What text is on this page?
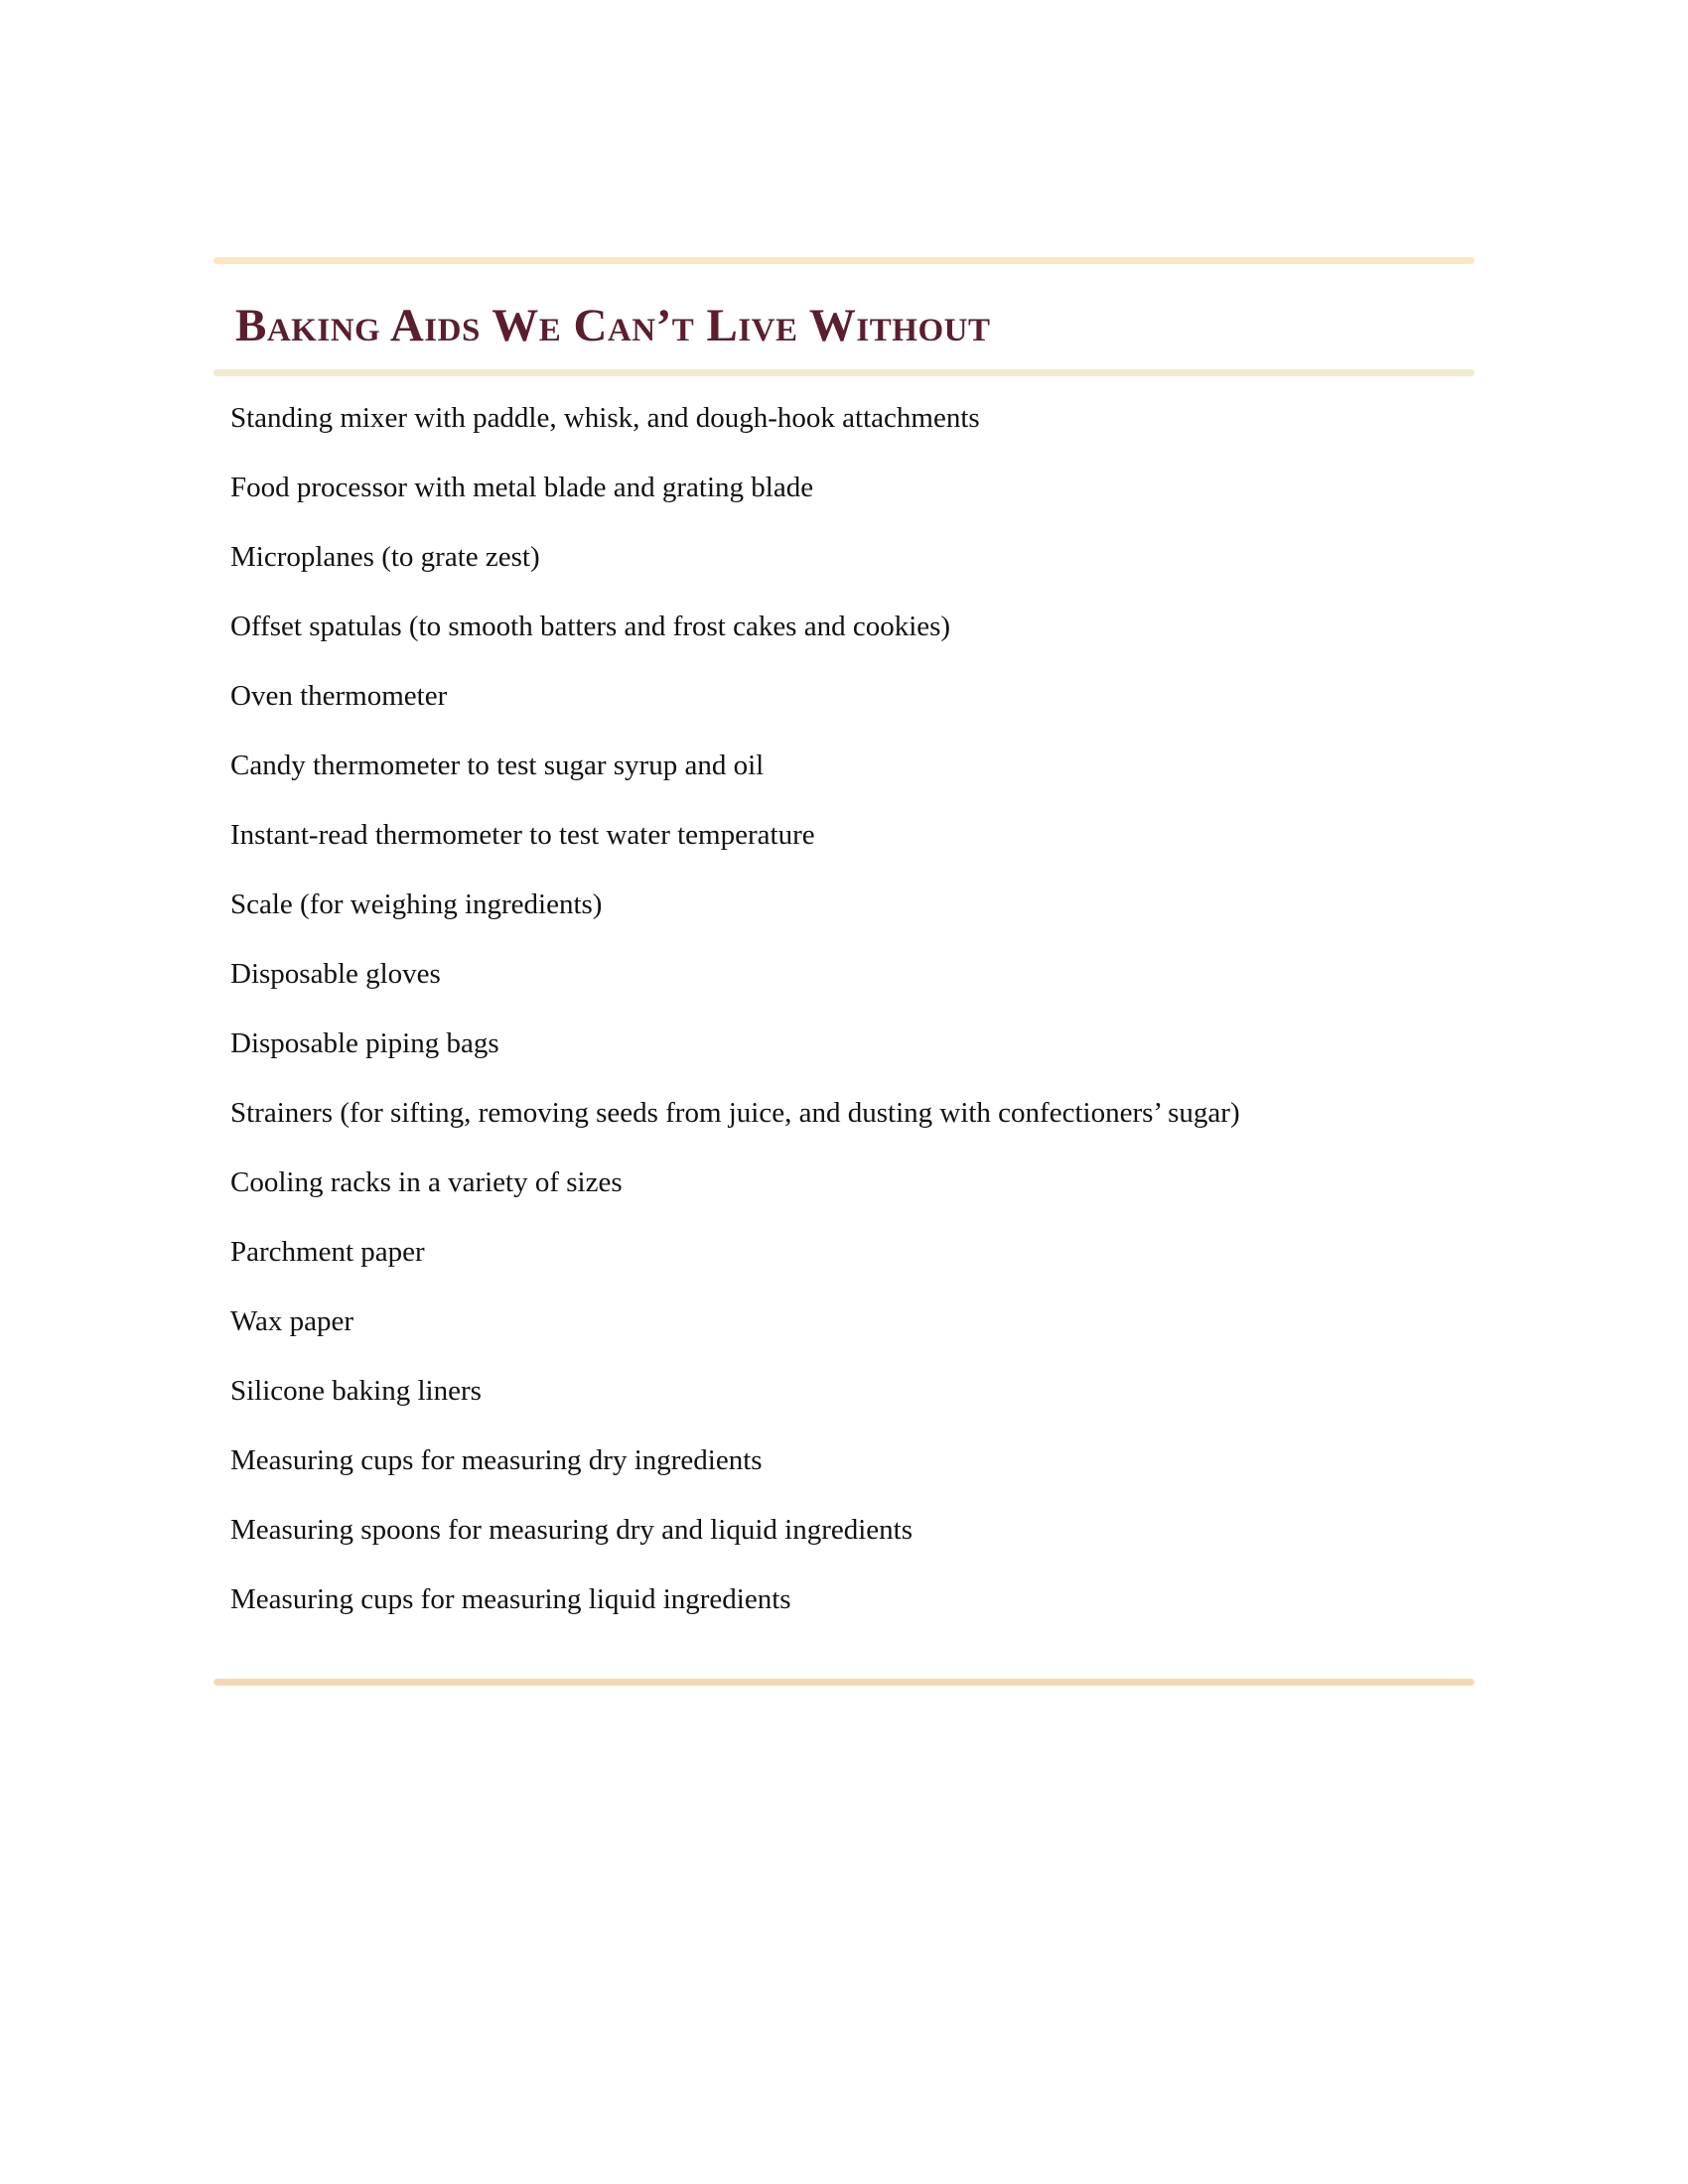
Baking Aids We Can’t Live Without
Standing mixer with paddle, whisk, and dough-hook attachments
Food processor with metal blade and grating blade
Microplanes (to grate zest)
Offset spatulas (to smooth batters and frost cakes and cookies)
Oven thermometer
Candy thermometer to test sugar syrup and oil
Instant-read thermometer to test water temperature
Scale (for weighing ingredients)
Disposable gloves
Disposable piping bags
Strainers (for sifting, removing seeds from juice, and dusting with confectioners’ sugar)
Cooling racks in a variety of sizes
Parchment paper
Wax paper
Silicone baking liners
Measuring cups for measuring dry ingredients
Measuring spoons for measuring dry and liquid ingredients
Measuring cups for measuring liquid ingredients
